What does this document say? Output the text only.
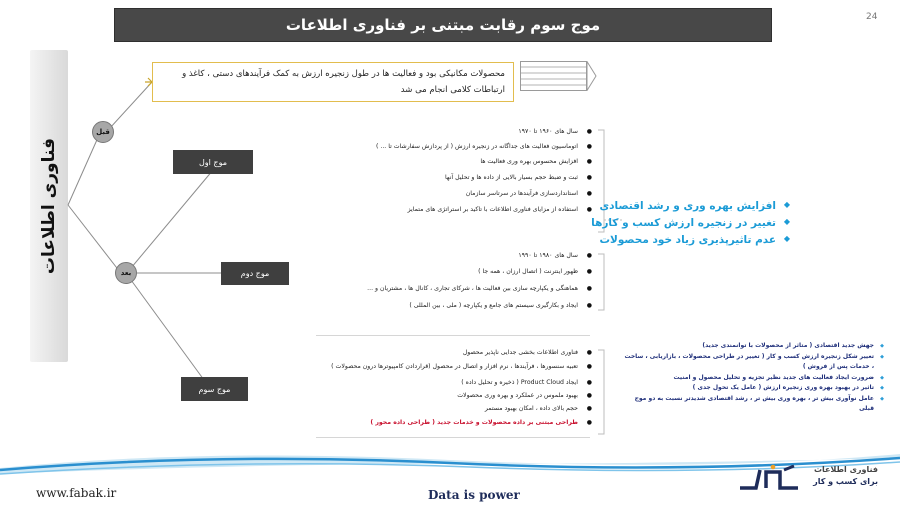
موج سوم رقابت مبتنی بر فناوری اطلاعات	24
فناوری اطلاعات
قبل
بعد
موج اول
موج دوم
موج سوم
محصولات مکانیکی بود و فعالیت ها در طول زنجیره ارزش به کمک فرآیندهای دستی ، کاغذ و ارتباطات کلامی انجام می شد
● سال های ۱۹۶۰ تا ۱۹۷۰
● اتوماسیون فعالیت های جداگانه در زنجیره ارزش ( از پردازش سفارشات تا ... )
● افزایش محسوس بهره وری فعالیت ها
● ثبت و ضبط حجم بسیار بالایی از داده ها و تحلیل آنها
● استانداردسازی فرآیندها در سرتاسر سازمان
● استفاده از مزایای فناوری اطلاعات با تاکید بر استراتژی های متمایز
● سال های ۱۹۸۰ تا ۱۹۹۰
● ظهور اینترنت ( اتصال ارزان ، همه جا )
● هماهنگی و یکپارچه سازی بین فعالیت ها ، شرکای تجاری ، کانال ها ، مشتریان و ...
● ایجاد و بکارگیری سیستم های جامع و یکپارچه ( ملی ، بین المللی )
● فناوری اطلاعات بخشی جدایی ناپذیر محصول
● تعبیه سنسورها ، فرآیندها ، نرم افزار و اتصال در محصول (قراردادن کامپیوترها درون محصولات )
● ایجاد Product Cloud ( ذخیره و تحلیل داده )
● بهبود ملموس در عملکرد و بهره وری محصولات
● حجم بالای داده ، امکان بهبود مستمر
● طراحی مبتنی بر داده محصولات و خدمات جدید ( طراحی داده محور )
◆ افزایش بهره وری و رشد اقتصادی
◆ تغییر در زنجیره ارزش کسب و کارها
◆ عدم تاثیرپذیری زیاد خود محصولات
◆ جهش جدید اقتصادی ( متاثر از محصولات با توانمندی جدید)
◆ تغییر شکل زنجیره ارزش کسب و کار ( تغییر در طراحی محصولات ، بازاریابی ، ساخت ، خدمات پس از فروش )
◆ ضرورت ایجاد فعالیت های جدید نظیر تجزیه و تحلیل محصول و امنیت
◆ تاثیر در بهبود بهره وری زنجیره ارزش ( عامل یک تحول جدی )
◆ عامل نوآوری بیش تر ، بهره وری بیش تر ، رشد اقتصادی شدیدتر نسبت به دو موج قبلی
www.fabak.ir	Data is power
فناوری اطلاعات
برای کسب و کار
